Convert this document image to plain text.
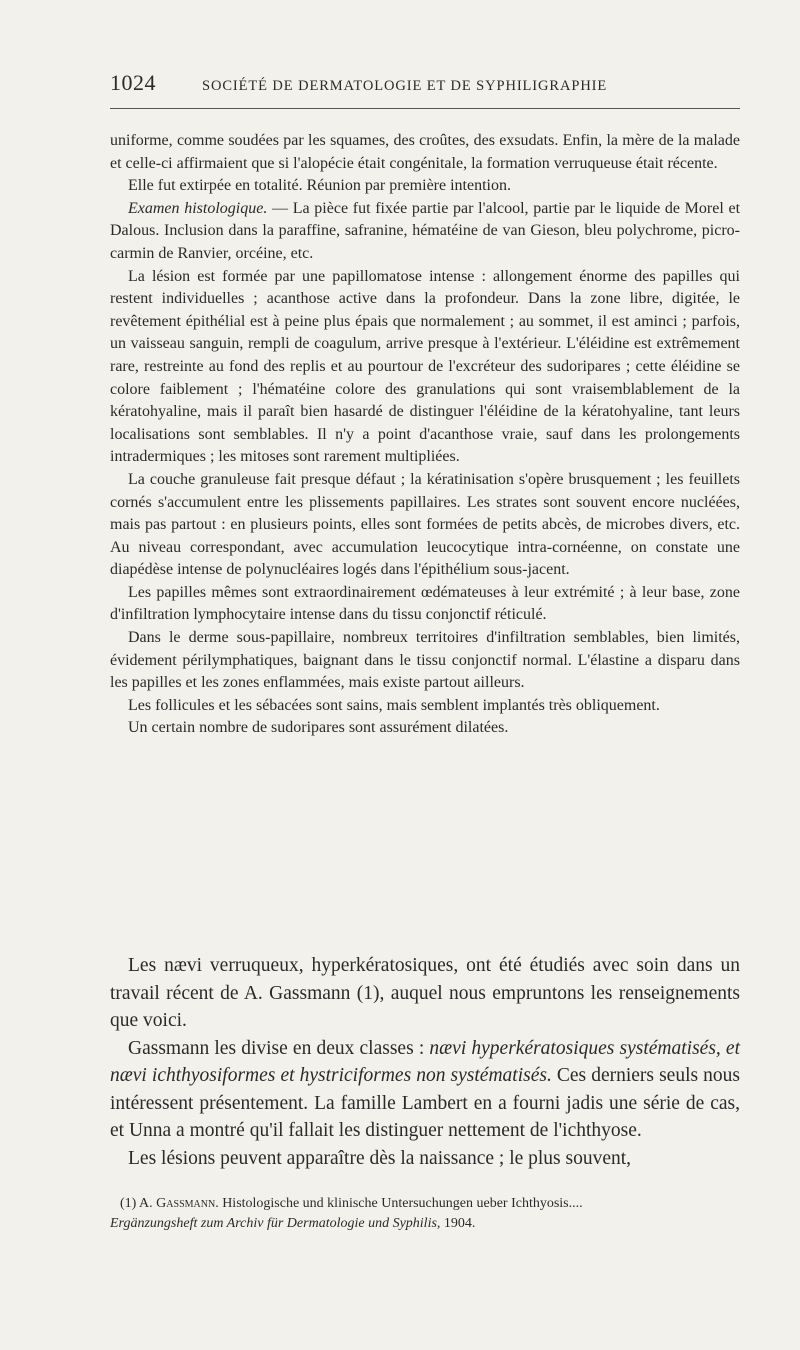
1024	SOCIÉTÉ DE DERMATOLOGIE ET DE SYPHILIGRAPHIE

uniforme, comme soudées par les squames, des croûtes, des exsudats. Enfin, la mère de la malade et celle-ci affirmaient que si l'alopécie était congénitale, la formation verruqueuse était récente.

Elle fut extirpée en totalité. Réunion par première intention.

Examen histologique. — La pièce fut fixée partie par l'alcool, partie par le liquide de Morel et Dalous. Inclusion dans la paraffine, safranine, hématéine de van Gieson, bleu polychrome, picro-carmin de Ranvier, orcéine, etc.

La lésion est formée par une papillomatose intense : allongement énorme des papilles qui restent individuelles ; acanthose active dans la profondeur. Dans la zone libre, digitée, le revêtement épithélial est à peine plus épais que normalement ; au sommet, il est aminci ; parfois, un vaisseau sanguin, rempli de coagulum, arrive presque à l'extérieur. L'éléidine est extrêmement rare, restreinte au fond des replis et au pourtour de l'excréteur des sudoripares ; cette éléidine se colore faiblement ; l'hématéine colore des granulations qui sont vraisemblablement de la kératohyaline, mais il paraît bien hasardé de distinguer l'éléidine de la kératohyaline, tant leurs localisations sont semblables. Il n'y a point d'acanthose vraie, sauf dans les prolongements intradermiques ; les mitoses sont rarement multipliées.

La couche granuleuse fait presque défaut ; la kératinisation s'opère brusquement ; les feuillets cornés s'accumulent entre les plissements papillaires. Les strates sont souvent encore nucléées, mais pas partout : en plusieurs points, elles sont formées de petits abcès, de microbes divers, etc. Au niveau correspondant, avec accumulation leucocytique intra-cornéenne, on constate une diapédèse intense de polynucléaires logés dans l'épithélium sous-jacent.

Les papilles mêmes sont extraordinairement œdémateuses à leur extrémité ; à leur base, zone d'infiltration lymphocytaire intense dans du tissu conjonctif réticulé.

Dans le derme sous-papillaire, nombreux territoires d'infiltration semblables, bien limités, évidement périlymphatiques, baignant dans le tissu conjonctif normal. L'élastine a disparu dans les papilles et les zones enflammées, mais existe partout ailleurs.

Les follicules et les sébacées sont sains, mais semblent implantés très obliquement.

Un certain nombre de sudoripares sont assurément dilatées.

Les nævi verruqueux, hyperkératosiques, ont été étudiés avec soin dans un travail récent de A. Gassmann (1), auquel nous empruntons les renseignements que voici.

Gassmann les divise en deux classes : nævi hyperkératosiques systématisés, et nævi ichthyosiformes et hystriciformes non systématisés. Ces derniers seuls nous intéressent présentement. La famille Lambert en a fourni jadis une série de cas, et Unna a montré qu'il fallait les distinguer nettement de l'ichthyose.

Les lésions peuvent apparaître dès la naissance ; le plus souvent,

(1) A. Gassmann. Histologische und klinische Untersuchungen ueber Ichthyosis....

Ergänzungsheft zum Archiv für Dermatologie und Syphilis, 1904.
